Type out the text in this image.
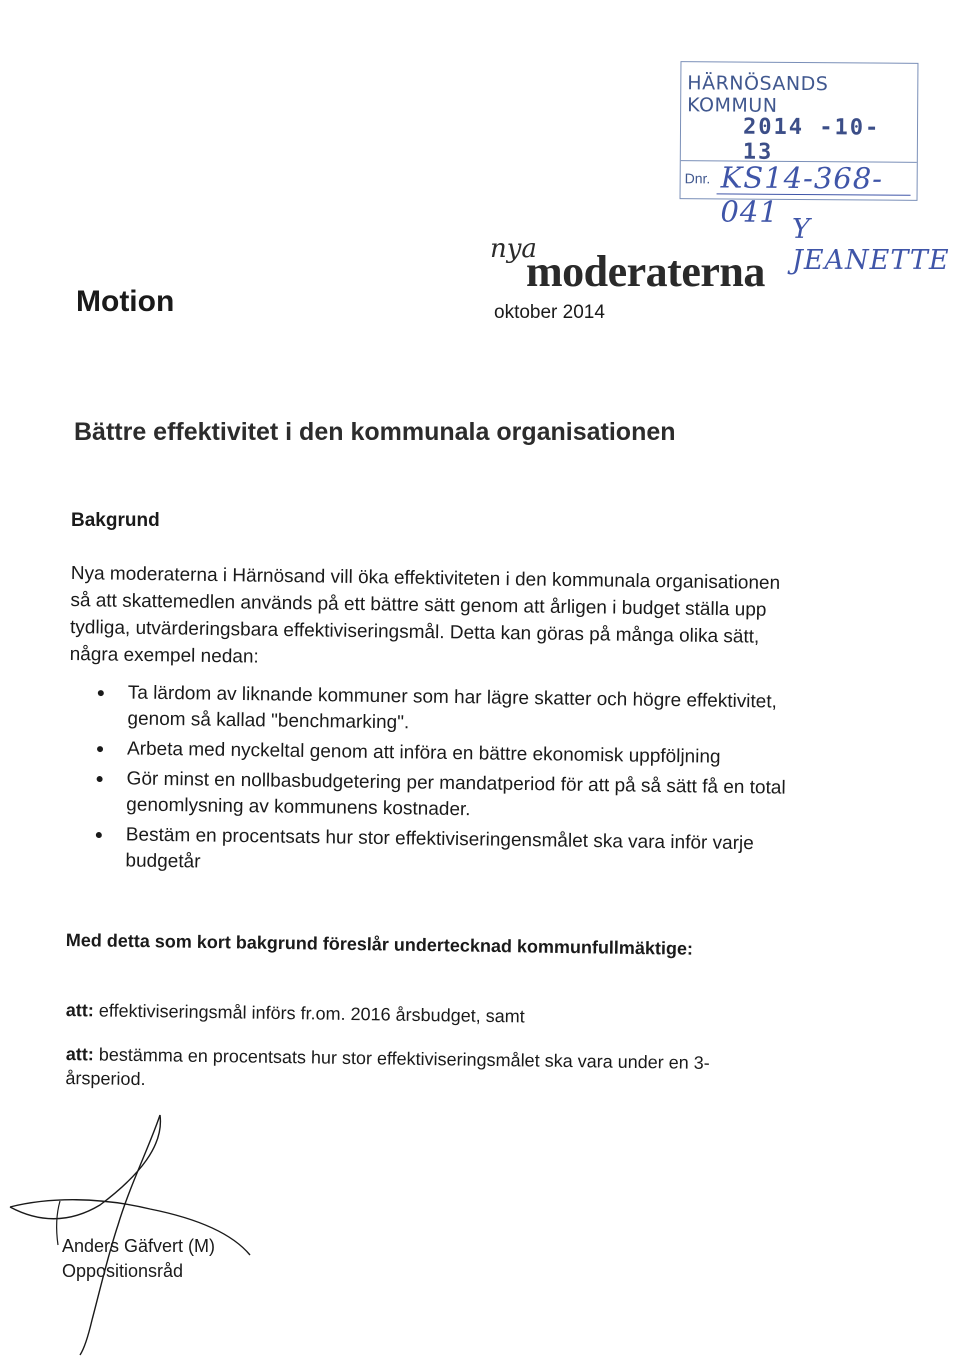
HÄRNÖSANDS KOMMUN
2014 -10- 13
Dnr. KS14-368-041
Y JEANETTE
nya
moderaterna
Motion	oktober 2014
Bättre effektivitet i den kommunala organisationen
Bakgrund

Nya moderaterna i Härnösand vill öka effektiviteten i den kommunala organisationen

så att skattemedlen används på ett bättre sätt genom att årligen i budget ställa upp

tydliga, utvärderingsbara effektiviseringsmål. Detta kan göras på många olika sätt,

några exempel nedan:

Ta lärdom av liknande kommuner som har lägre skatter och högre effektivitet,
genom så kallad "benchmarking".
Arbeta med nyckeltal genom att införa en bättre ekonomisk uppföljning
Gör minst en nollbasbudgetering per mandatperiod för att på så sätt få en total
genomlysning av kommunens kostnader.
Bestäm en procentsats hur stor effektiviseringensmålet ska vara inför varje
budgetår
Med detta som kort bakgrund föreslår undertecknad kommunfullmäktige:
att: effektiviseringsmål införs fr.om. 2016 årsbudget, samt
att: bestämma en procentsats hur stor effektiviseringsmålet ska vara under en 3-årsperiod.
Anders Gäfvert (M)
Oppositionsråd
